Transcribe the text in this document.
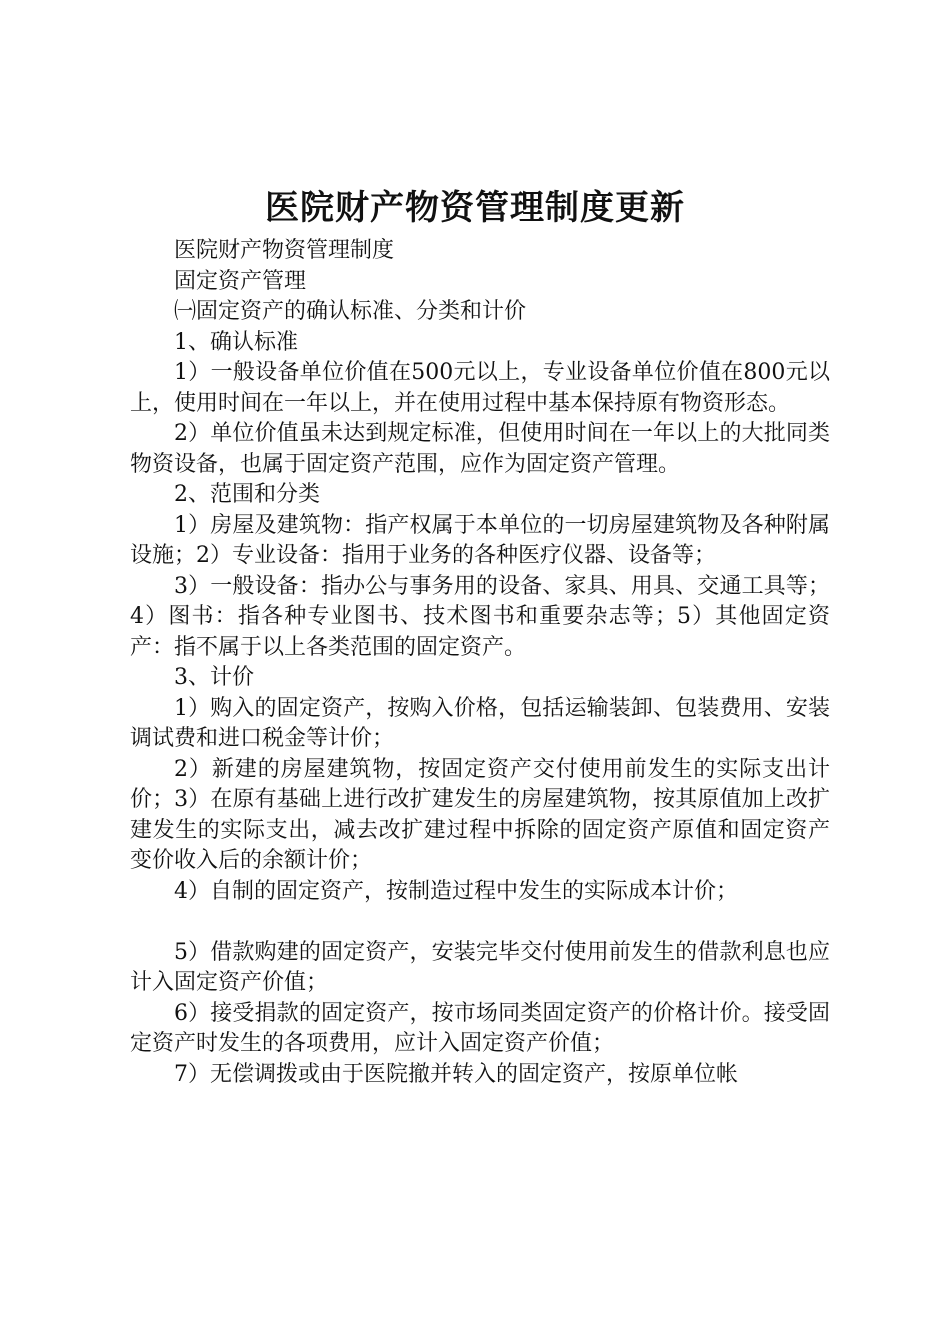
医院财产物资管理制度更新

医院财产物资管理制度

固定资产管理

㈠固定资产的确认标准、分类和计价

1、确认标准

1）一般设备单位价值在500元以上，专业设备单位价值在800元以上，使用时间在一年以上，并在使用过程中基本保持原有物资形态。

2）单位价值虽未达到规定标准，但使用时间在一年以上的大批同类物资设备，也属于固定资产范围，应作为固定资产管理。

2、范围和分类

1）房屋及建筑物：指产权属于本单位的一切房屋建筑物及各种附属设施；2）专业设备：指用于业务的各种医疗仪器、设备等；

3）一般设备：指办公与事务用的设备、家具、用具、交通工具等；4）图书：指各种专业图书、技术图书和重要杂志等；5）其他固定资产：指不属于以上各类范围的固定资产。

3、计价

1）购入的固定资产，按购入价格，包括运输装卸、包装费用、安装调试费和进口税金等计价；

2）新建的房屋建筑物，按固定资产交付使用前发生的实际支出计价；3）在原有基础上进行改扩建发生的房屋建筑物，按其原值加上改扩建发生的实际支出，减去改扩建过程中拆除的固定资产原值和固定资产变价收入后的余额计价；

4）自制的固定资产，按制造过程中发生的实际成本计价；

5）借款购建的固定资产，安装完毕交付使用前发生的借款利息也应计入固定资产价值；

6）接受捐款的固定资产，按市场同类固定资产的价格计价。接受固定资产时发生的各项费用，应计入固定资产价值；

7）无偿调拨或由于医院撤并转入的固定资产，按原单位帐
